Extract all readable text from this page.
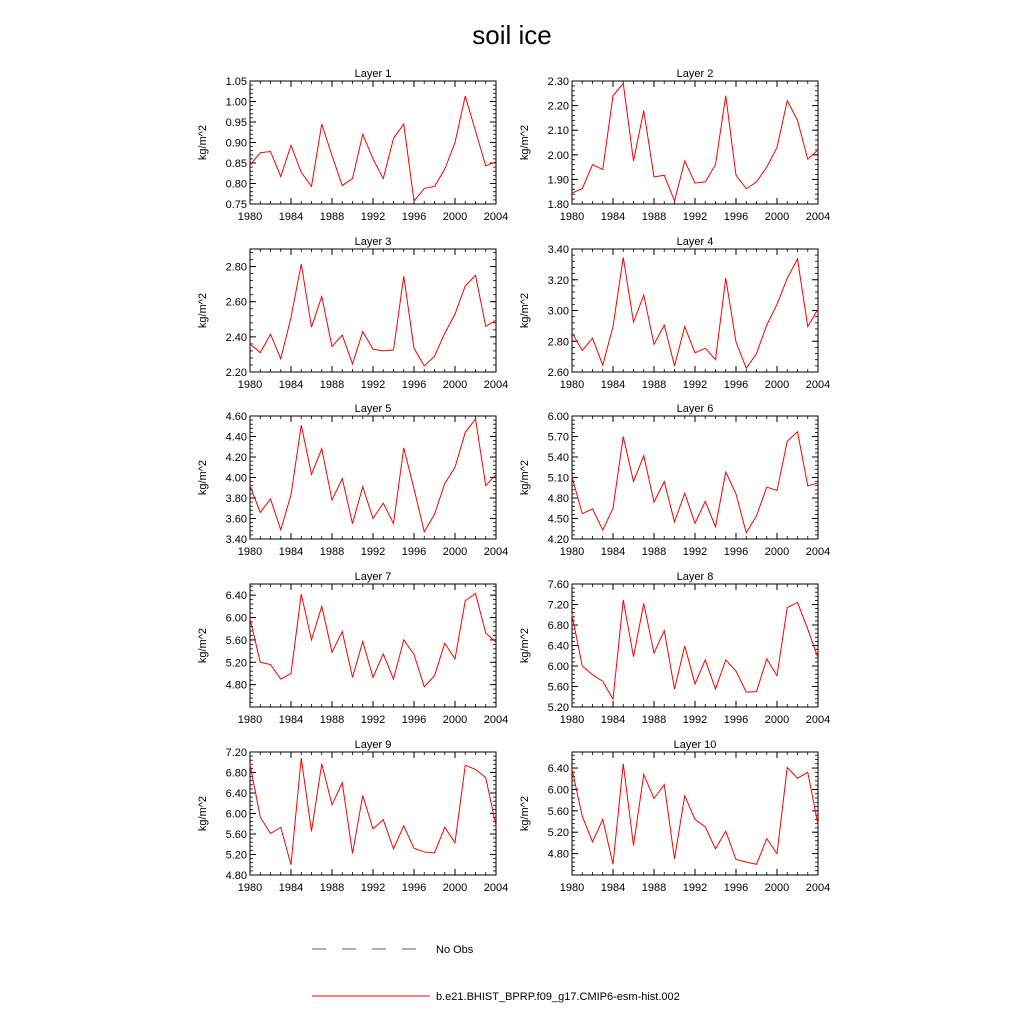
soil ice
Layer 1
kg/m^2
1980 1984 1988 1992 1996 2000 2004
0.75
0.80
0.85
0.90
0.95
1.00
1.05
Layer 2
kg/m^2
1980 1984 1988 1992 1996 2000 2004
1.80
1.90
2.00
2.10
2.20
2.30
Layer 3
kg/m^2
1980 1984 1988 1992 1996 2000 2004
2.20
2.40
2.60
2.80
Layer 4
kg/m^2
1980 1984 1988 1992 1996 2000 2004
2.60
2.80
3.00
3.20
3.40
Layer 5
kg/m^2
1980 1984 1988 1992 1996 2000 2004
3.40
3.60
3.80
4.00
4.20
4.40
4.60
Layer 6
kg/m^2
1980 1984 1988 1992 1996 2000 2004
4.20
4.50
4.80
5.10
5.40
5.70
6.00
Layer 7
kg/m^2
1980 1984 1988 1992 1996 2000 2004
4.80
5.20
5.60
6.00
6.40
Layer 8
kg/m^2
1980 1984 1988 1992 1996 2000 2004
5.20
5.60
6.00
6.40
6.80
7.20
7.60
Layer 9
kg/m^2
1980 1984 1988 1992 1996 2000 2004
4.80
5.20
5.60
6.00
6.40
6.80
7.20
Layer 10
kg/m^2
1980 1984 1988 1992 1996 2000 2004
4.80
5.20
5.60
6.00
6.40
No Obs
b.e21.BHIST_BPRP.f09_g17.CMIP6-esm-hist.002
